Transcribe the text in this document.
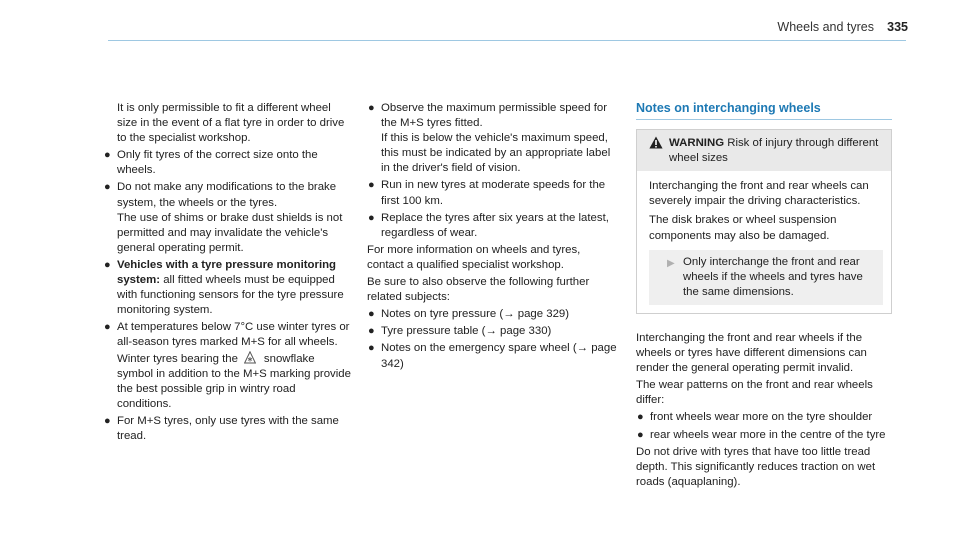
Wheels and tyres 335

It is only permissible to fit a different wheel size in the event of a flat tyre in order to drive to the specialist workshop.

● Only fit tyres of the correct size onto the wheels.
● Do not make any modifications to the brake system, the wheels or the tyres.

The use of shims or brake dust shields is not permitted and may invalidate the vehicle's general operating permit.

● Vehicles with a tyre pressure monitoring system: all fitted wheels must be equipped with functioning sensors for the tyre pressure monitoring system.
● At temperatures below 7°C use winter tyres or all-season tyres marked M+S for all wheels.

Winter tyres bearing the snowflake symbol in addition to the M+S marking provide the best possible grip in wintry road conditions.

● For M+S tyres, only use tyres with the same tread.
● Observe the maximum permissible speed for the M+S tyres fitted.

If this is below the vehicle's maximum speed, this must be indicated by an appropriate label in the driver's field of vision.

● Run in new tyres at moderate speeds for the first 100 km.
● Replace the tyres after six years at the latest, regardless of wear.

For more information on wheels and tyres, contact a qualified specialist workshop.

Be sure to also observe the following further related subjects:

● Notes on tyre pressure (→ page 329)
● Tyre pressure table (→ page 330)
● Notes on the emergency spare wheel (→ page 342)

Notes on interchanging wheels

WARNING Risk of injury through different wheel sizes

Interchanging the front and rear wheels can severely impair the driving characteristics.

The disk brakes or wheel suspension components may also be damaged.

▶ Only interchange the front and rear wheels if the wheels and tyres have the same dimensions.

Interchanging the front and rear wheels if the wheels or tyres have different dimensions can render the general operating permit invalid.

The wear patterns on the front and rear wheels differ:

● front wheels wear more on the tyre shoulder
● rear wheels wear more in the centre of the tyre

Do not drive with tyres that have too little tread depth. This significantly reduces traction on wet roads (aquaplaning).
